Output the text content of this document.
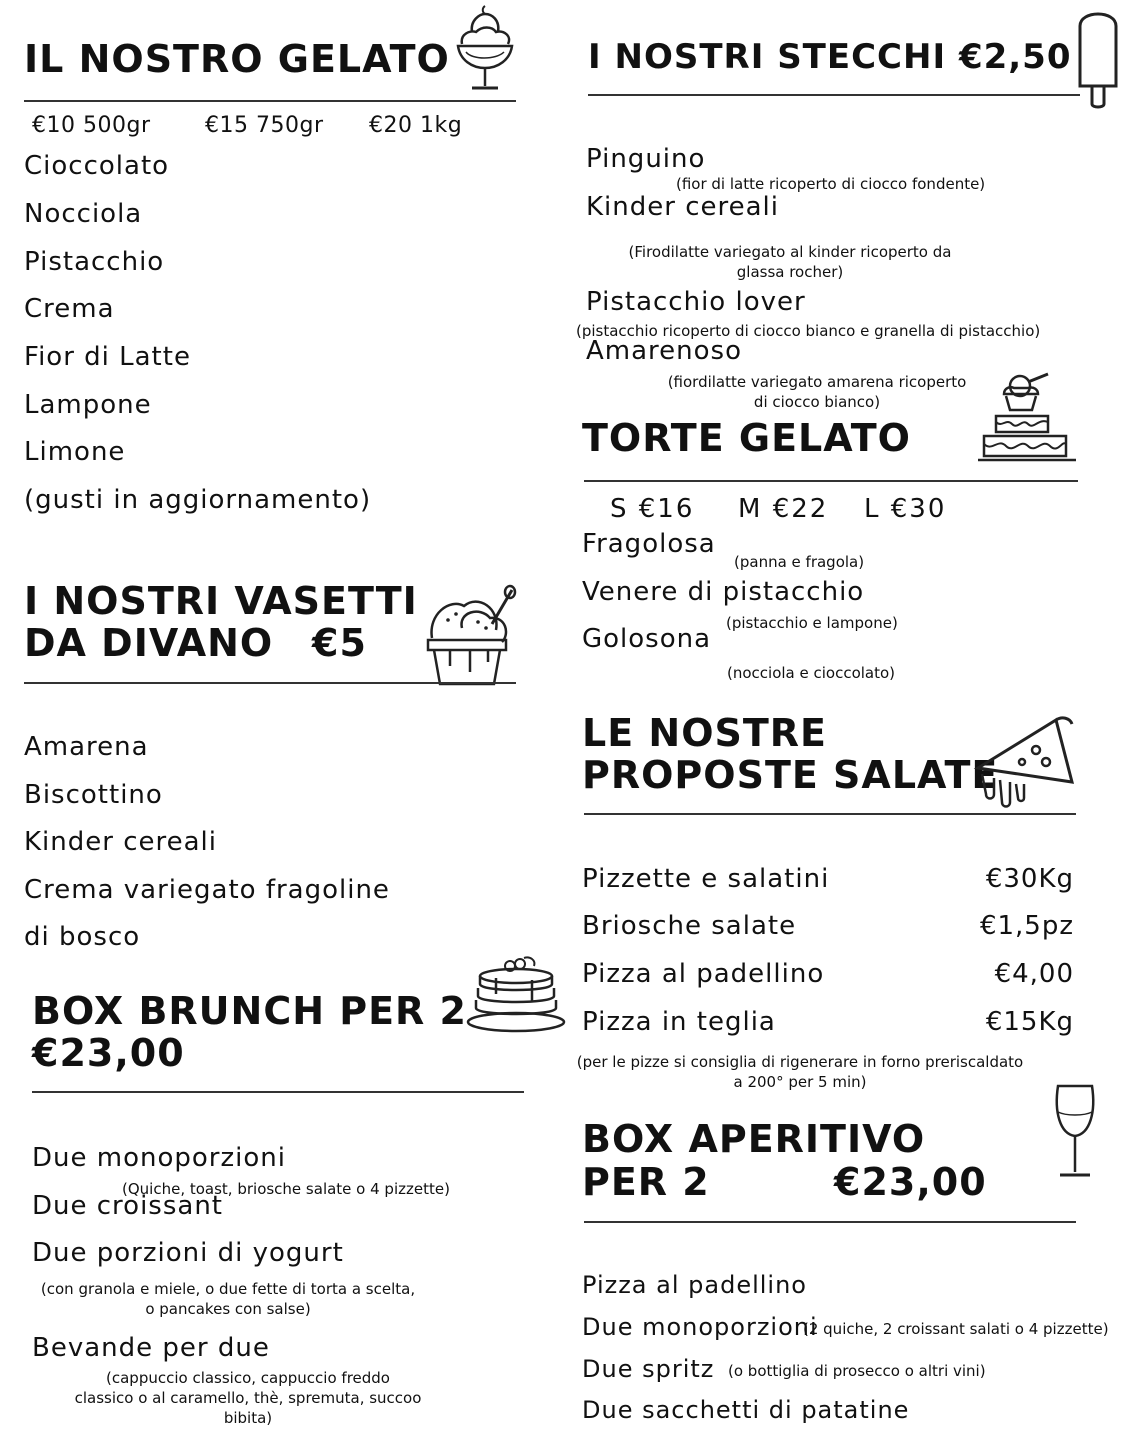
IL NOSTRO GELATO
€10 500gr €15 750gr €20 1kg
Cioccolato
Nocciola
Pistacchio
Crema
Fior di Latte
Lampone
Limone
(gusti in aggiornamento)
I NOSTRI VASETTI
DA DIVANO €5
Amarena
Biscottino
Kinder cereali
Crema variegato fragoline
di bosco
BOX BRUNCH PER 2
€23,00
Due monoporzioni
(Quiche, toast, briosche salate o 4 pizzette)
Due croissant
Due porzioni di yogurt
(con granola e miele, o due fette di torta a scelta,
o pancakes con salse)
Bevande per due
(cappuccio classico, cappuccio freddo
classico o al caramello, thè, spremuta, succoo
bibita)
I NOSTRI STECCHI €2,50
Pinguino
(fior di latte ricoperto di ciocco fondente)
Kinder cereali
(Firodilatte variegato al kinder ricoperto da
glassa rocher)
Pistacchio lover
(pistacchio ricoperto di ciocco bianco e granella di pistacchio)
Amarenoso
(fiordilatte variegato amarena ricoperto
di ciocco bianco)
TORTE GELATO
S €16 M €22 L €30
Fragolosa
(panna e fragola)
Venere di pistacchio
(pistacchio e lampone)
Golosona
(nocciola e cioccolato)
LE NOSTRE
PROPOSTE SALATE
Pizzette e salatini	€30Kg
Briosche salate	€1,5pz
Pizza al padellino	€4,00
Pizza in teglia	€15Kg
(per le pizze si consiglia di rigenerare in forno preriscaldato
a 200° per 5 min)
BOX APERITIVO
PER 2	€23,00
Pizza al padellino
Due monoporzioni
(2 quiche, 2 croissant salati o 4 pizzette)
Due spritz (o bottiglia di prosecco o altri vini)
Due sacchetti di patatine
